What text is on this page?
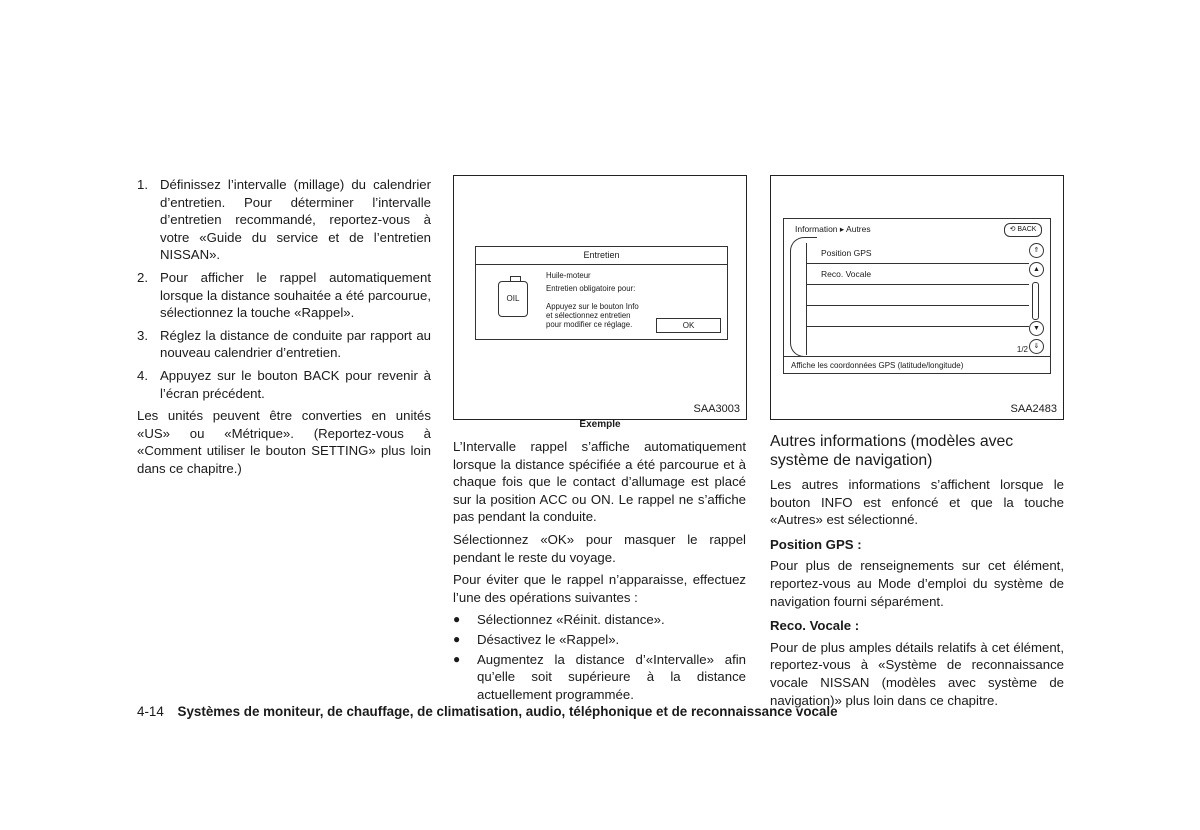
1. Définissez l’intervalle (millage) du calendrier d’entretien. Pour déterminer l’intervalle d’entretien recommandé, reportez-vous à votre «Guide du service et de l’entretien NISSAN».
2. Pour afficher le rappel automatiquement lorsque la distance souhaitée a été parcourue, sélectionnez la touche «Rappel».
3. Réglez la distance de conduite par rapport au nouveau calendrier d’entretien.
4. Appuyez sur le bouton BACK pour revenir à l’écran précédent.

Les unités peuvent être converties en unités «US» ou «Métrique». (Reportez-vous à «Comment utiliser le bouton SETTING» plus loin dans ce chapitre.)

Entretien
OIL
Huile-moteur
Entretien obligatoire pour:
Appuyez sur le bouton Info
et sélectionnez entretien
pour modifier ce réglage.	OK
SAA3003
Exemple
Information ▸ Autres	⟲ BACK
Position GPS
Reco. Vocale
⇑
▲
▼
⇓
1/2
Affiche les coordonnées GPS (latitude/longitude)
SAA2483

L’Intervalle rappel s’affiche automatiquement lorsque la distance spécifiée a été parcourue et à chaque fois que le contact d’allumage est placé sur la position ACC ou ON. Le rappel ne s’affiche pas pendant la conduite.

Sélectionnez «OK» pour masquer le rappel pendant le reste du voyage.

Pour éviter que le rappel n’apparaisse, effectuez l’une des opérations suivantes :

● Sélectionnez «Réinit. distance».
● Désactivez le «Rappel».
● Augmentez la distance d’«Intervalle» afin qu’elle soit supérieure à la distance actuellement programmée.
Autres informations (modèles avec système de navigation)

Les autres informations s’affichent lorsque le bouton INFO est enfoncé et que la touche «Autres» est sélectionné.

Position GPS :

Pour plus de renseignements sur cet élément, reportez-vous au Mode d’emploi du système de navigation fourni séparément.

Reco. Vocale :

Pour de plus amples détails relatifs à cet élément, reportez-vous à «Système de reconnaissance vocale NISSAN (modèles avec système de navigation)» plus loin dans ce chapitre.

4-14 Systèmes de moniteur, de chauffage, de climatisation, audio, téléphonique et de reconnaissance vocale
